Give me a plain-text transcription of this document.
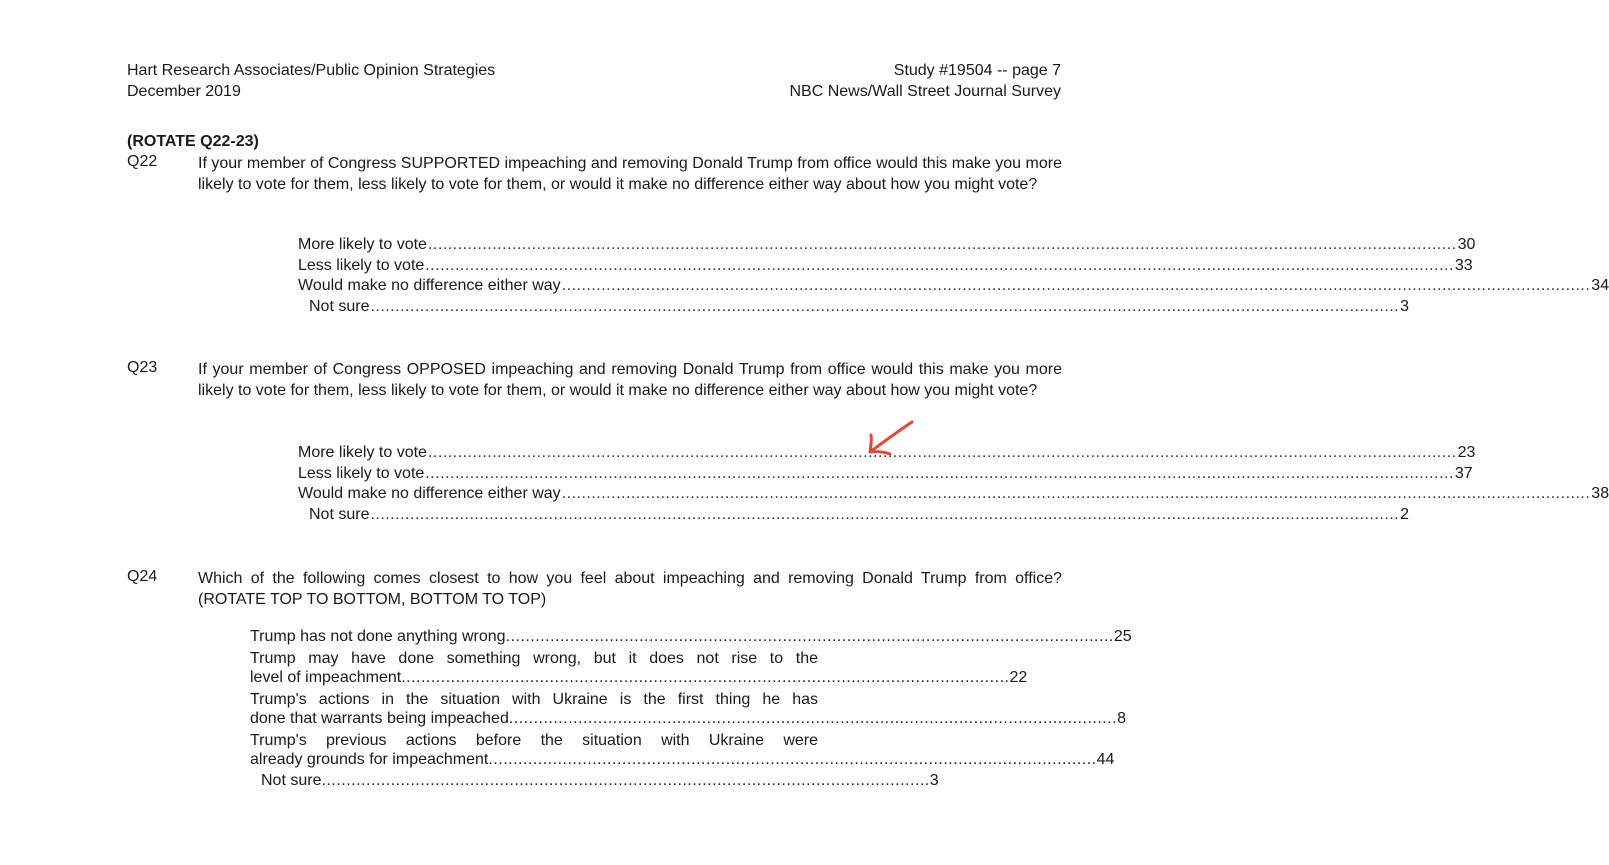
Hart Research Associates/Public Opinion Strategies
December 2019
Study #19504 -- page 7
NBC News/Wall Street Journal Survey
(ROTATE Q22-23)
Q22	If your member of Congress SUPPORTED impeaching and removing Donald Trump from office would this make you more likely to vote for them, less likely to vote for them, or would it make no difference either way about how you might vote?
More likely to vote .....	30
Less likely to vote .....	33
Would make no difference either way .....	34
Not sure .....	3
Q23	If your member of Congress OPPOSED impeaching and removing Donald Trump from office would this make you more likely to vote for them, less likely to vote for them, or would it make no difference either way about how you might vote?
More likely to vote .....	23
Less likely to vote .....	37
Would make no difference either way .....	38
Not sure .....	2
Q24	Which of the following comes closest to how you feel about impeaching and removing Donald Trump from office? (ROTATE TOP TO BOTTOM, BOTTOM TO TOP)
Trump has not done anything wrong ........................................................................................................................... 25
Trump may have done something wrong, but it does not rise to the
level of impeachment ........................................................................................................................... 22
Trump's actions in the situation with Ukraine is the first thing he has
done that warrants being impeached ........................................................................................................................... 8
Trump's previous actions before the situation with Ukraine were
already grounds for impeachment ........................................................................................................................... 44
Not sure ........................................................................................................................... 3
